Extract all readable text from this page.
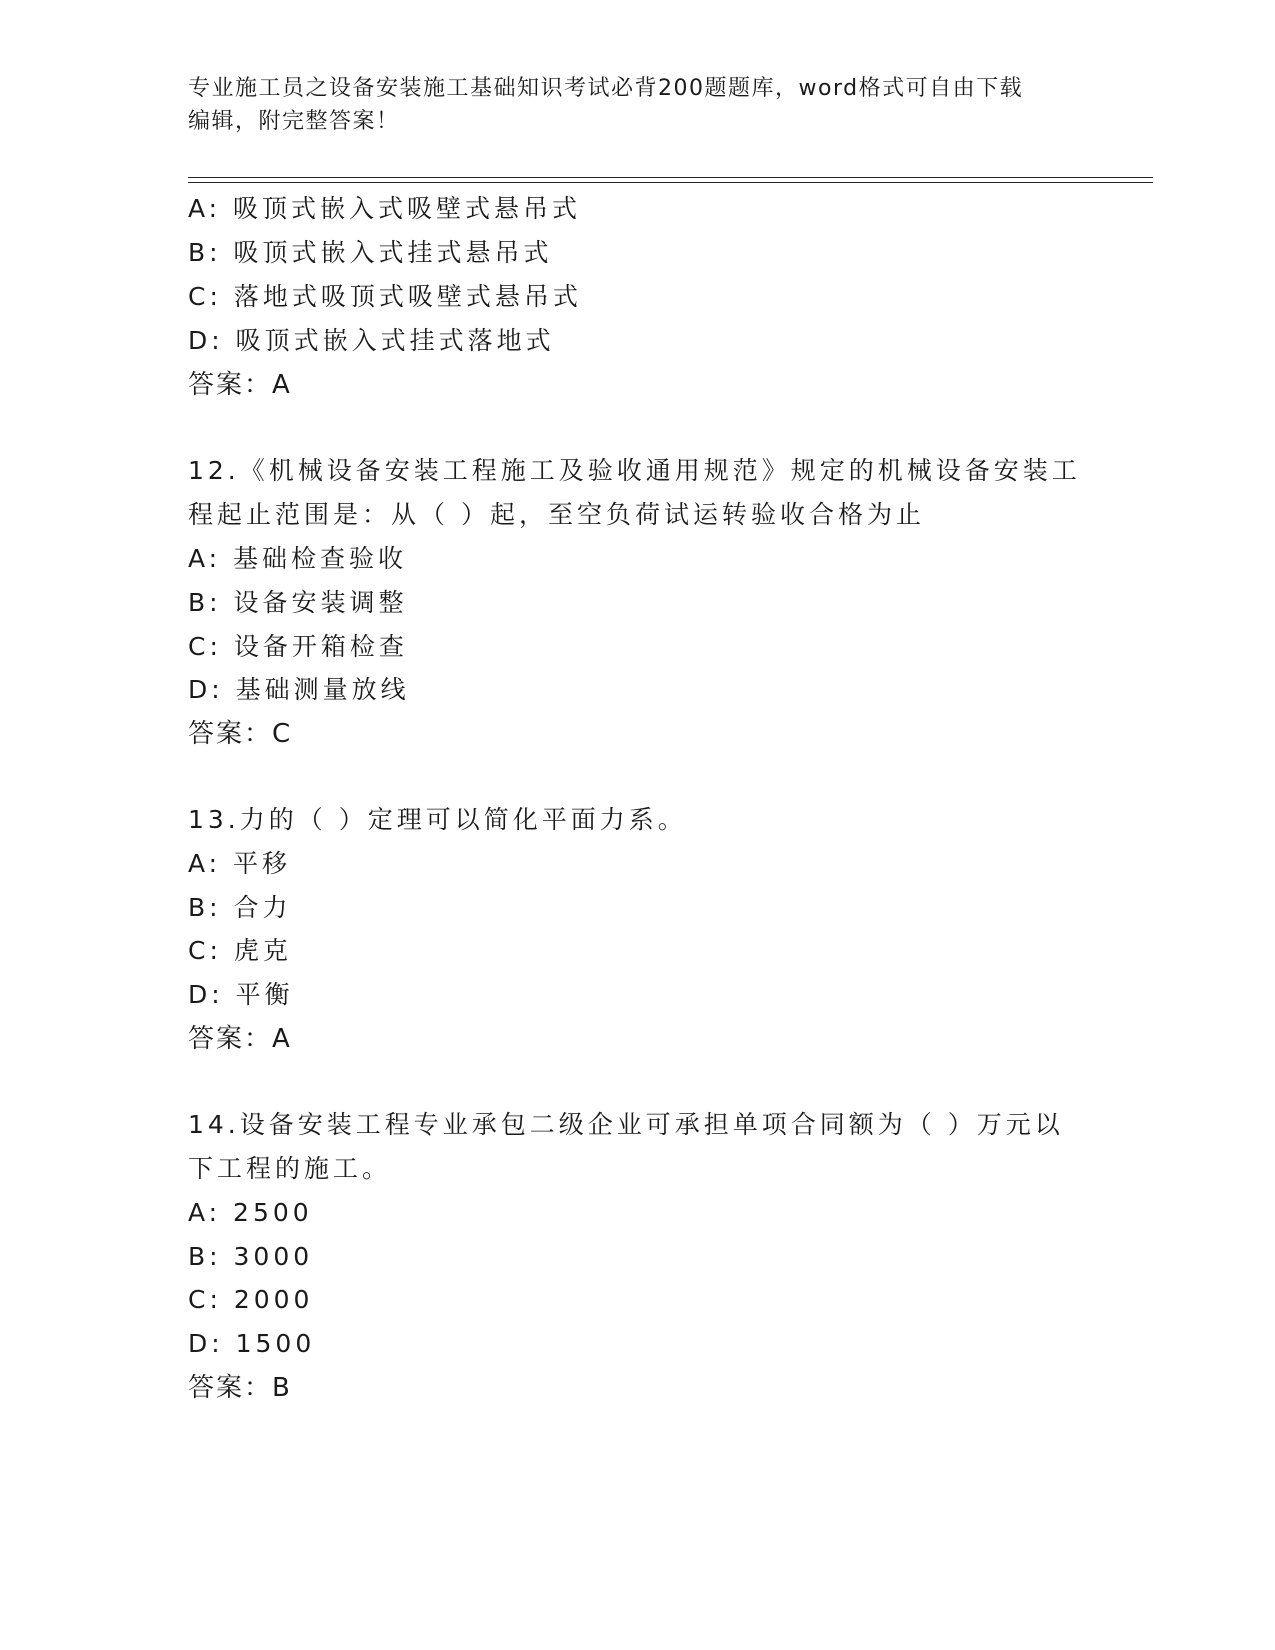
专业施工员之设备安装施工基础知识考试必背200题题库，word格式可自由下载
编辑，附完整答案！
A: 吸顶式嵌入式吸壁式悬吊式
B: 吸顶式嵌入式挂式悬吊式
C: 落地式吸顶式吸壁式悬吊式
D: 吸顶式嵌入式挂式落地式
答案：A
12.《机械设备安装工程施工及验收通用规范》规定的机械设备安装工
程起止范围是：从（ ）起，至空负荷试运转验收合格为止
A: 基础检查验收
B: 设备安装调整
C: 设备开箱检查
D: 基础测量放线
答案：C
13.力的（ ）定理可以简化平面力系。
A: 平移
B: 合力
C: 虎克
D: 平衡
答案：A
14.设备安装工程专业承包二级企业可承担单项合同额为（ ）万元以
下工程的施工。
A: 2500
B: 3000
C: 2000
D: 1500
答案：B
